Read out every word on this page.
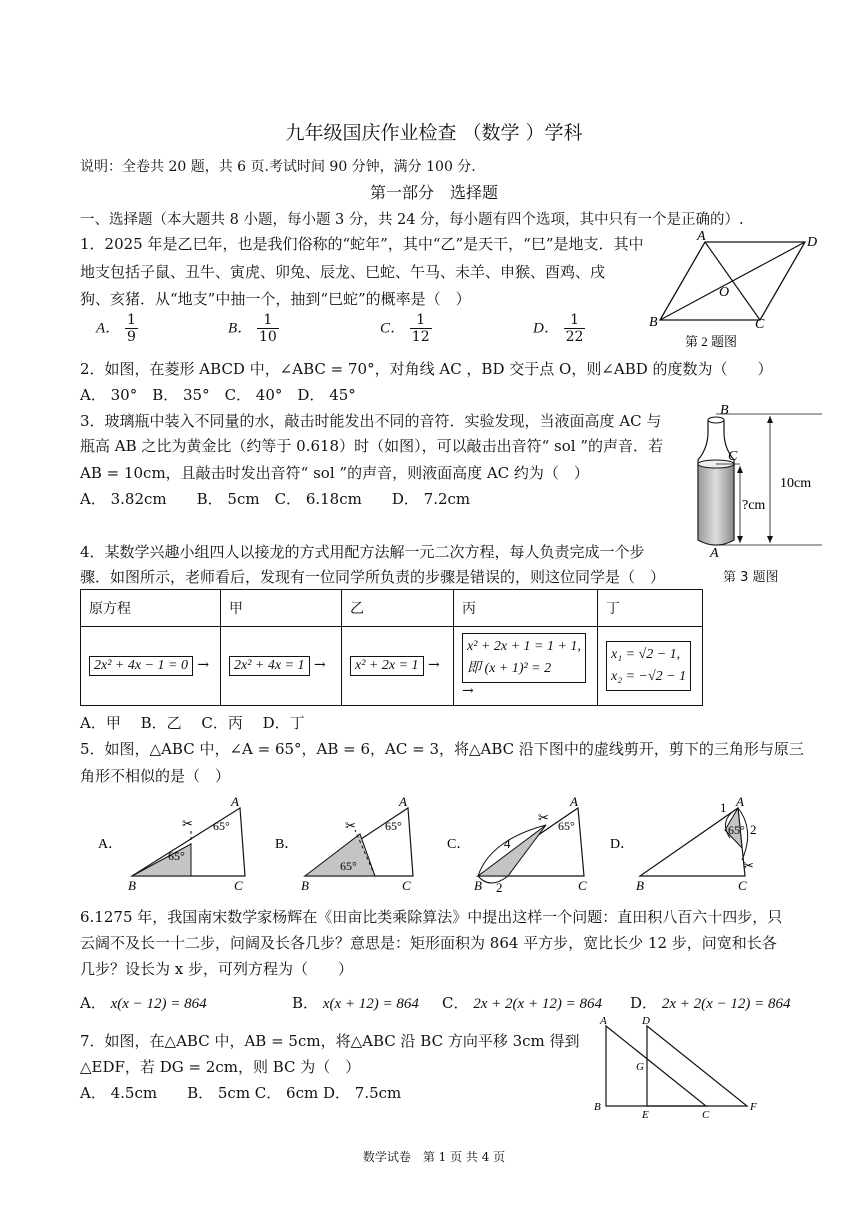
九年级国庆作业检查 （数学 ）学科
说明：全卷共 20 题，共 6 页.考试时间 90 分钟，满分 100 分.
第一部分　选择题
一、选择题（本大题共 8 小题，每小题 3 分，共 24 分，每小题有四个选项，其中只有一个是正确的）.
1．2025 年是乙巳年，也是我们俗称的“蛇年”，其中“乙”是天干，“巳”是地支．其中
地支包括子鼠、丑牛、寅虎、卯兔、辰龙、巳蛇、午马、未羊、申猴、酉鸡、戌
狗、亥猪．从“地支”中抽一个，抽到“巳蛇”的概率是（　）
A． $\frac{1}{9}$	B． $\frac{1}{10}$	C． $\frac{1}{12}$	D． $\frac{1}{22}$
A	D
B	C
O
第 2 题图
2．如图，在菱形 ABCD 中，∠ABC = 70°，对角线 AC ，BD 交于点 O，则∠ABD 的度数为（　　）
A． 30°　B． 35°　C． 40°　D． 45°
3．玻璃瓶中装入不同量的水，敲击时能发出不同的音符．实验发现，当液面高度 AC 与
瓶高 AB 之比为黄金比（约等于 0.618）时（如图），可以敲击出音符“ sol ”的声音．若
AB = 10cm，且敲击时发出音符“ sol ”的声音，则液面高度 AC 约为（　）
A． 3.82cm　　B． 5cm　C． 6.18cm　　D． 7.2cm
B
C
A
10cm
?cm
第 3 题图
4．某数学兴趣小组四人以接龙的方式用配方法解一元二次方程，每人负责完成一个步
骤．如图所示，老师看后，发现有一位同学所负责的步骤是错误的，则这位同学是（　）
原方程	甲	乙	丙	丁
2x² + 4x − 1 = 0 →	2x² + 4x = 1 →	x² + 2x = 1 →	x² + 2x + 1 = 1 + 1,
即 (x + 1)² = 2 →	x₁ = √2 − 1,
x₂ = −√2 − 1
A．甲　 B．乙　 C．丙　 D．丁
5．如图，△ABC 中，∠A = 65°，AB = 6，AC = 3，将△ABC 沿下图中的虚线剪开，剪下的三角形与原三
角形不相似的是（　）
A．
A
B	C
65°
65°
✂
B．
A
B	C
65°
65°
✂
C．
A
B	C
65°
4
2
✂
D．
A
B	C
65°
1
2
✂
6.1275 年，我国南宋数学家杨辉在《田亩比类乘除算法》中提出这样一个问题：直田积八百六十四步，只
云阔不及长一十二步，问阔及长各几步？意思是：矩形面积为 864 平方步，宽比长少 12 步，问宽和长各
几步？设长为 x 步，可列方程为（　　）
A． x(x − 12) = 864	B． x(x + 12) = 864 C． 2x + 2(x + 12) = 864 D． 2x + 2(x − 12) = 864
7．如图，在△ABC 中，AB = 5cm，将△ABC 沿 BC 方向平移 3cm 得到
△EDF，若 DG = 2cm，则 BC 为（　）
A． 4.5cm　　B． 5cm C． 6cm D． 7.5cm
A	D
G
B
E	C
F
数学试卷　第 1 页 共 4 页
